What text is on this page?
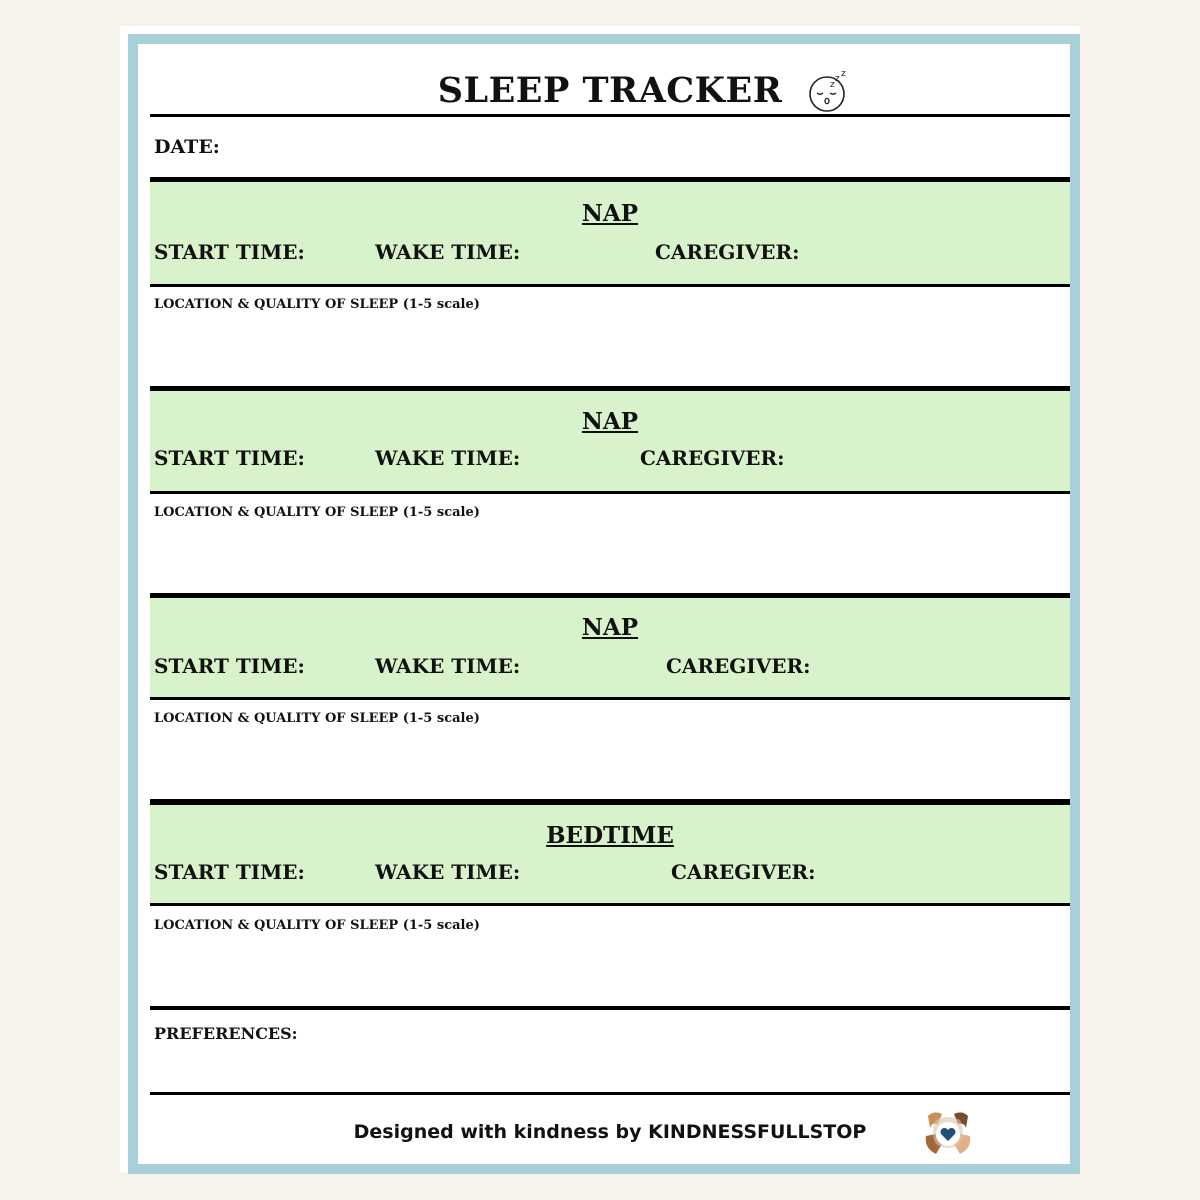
SLEEP TRACKER	z
z z
DATE:
NAP
START TIME:	WAKE TIME:	CAREGIVER:
LOCATION & QUALITY OF SLEEP (1-5 scale)
NAP
START TIME:	WAKE TIME:	CAREGIVER:
LOCATION & QUALITY OF SLEEP (1-5 scale)
NAP
START TIME:	WAKE TIME:	CAREGIVER:
LOCATION & QUALITY OF SLEEP (1-5 scale)
BEDTIME
START TIME:	WAKE TIME:	CAREGIVER:
LOCATION & QUALITY OF SLEEP (1-5 scale)
PREFERENCES:
Designed with kindness by KINDNESSFULLSTOP
